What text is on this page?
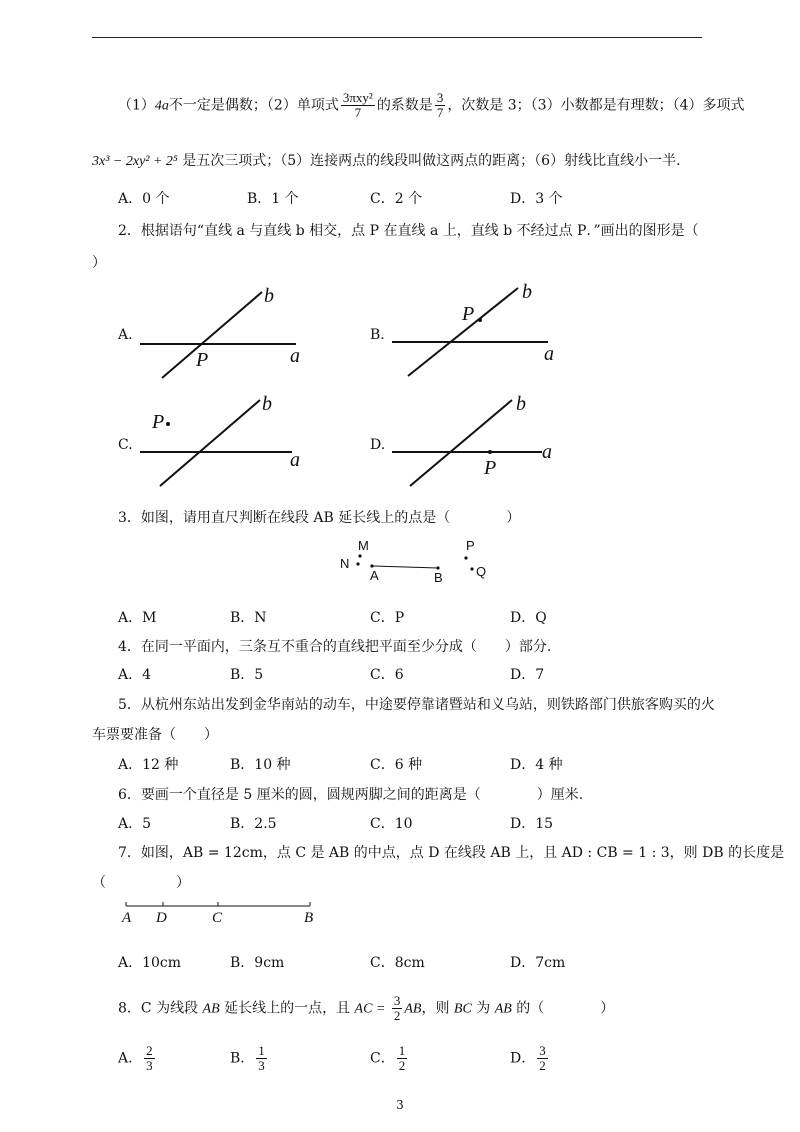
（1）4a不一定是偶数；（2）单项式 $\frac{\text{3πxy²}}{7}$ 的系数是 $\frac{3}{7}$ ，次数是 3；（3）小数都是有理数；（4）多项式
3x³ − 2xy² + 2⁵ 是五次三项式；（5）连接两点的线段叫做这两点的距离；（6）射线比直线小一半.
A．0 个	B．1 个	C．2 个	D．3 个
2．根据语句“直线 a 与直线 b 相交，点 P 在直线 a 上，直线 b 不经过点 P．”画出的图形是（
）
A.
b
a
P
B.
b
a
P
C.
b
a
P
D.
b
a
P
3．如图，请用直尺判断在线段 AB 延长线上的点是（　　　　）
M
N
A	B
P
Q
A．M	B．N	C．P	D．Q
4．在同一平面内，三条互不重合的直线把平面至少分成（　　）部分.
A．4	B．5	C．6	D．7
5．从杭州东站出发到金华南站的动车，中途要停靠诸暨站和义乌站，则铁路部门供旅客购买的火
车票要准备（　　）
A．12 种	B．10 种	C．6 种	D．4 种
6．要画一个直径是 5 厘米的圆，圆规两脚之间的距离是（　　　　）厘米.
A．5	B．2.5	C．10	D．15
7．如图，AB = 12cm，点 C 是 AB 的中点，点 D 在线段 AB 上，且 AD : CB = 1 : 3，则 DB 的长度是
（　　　　　）
A D	C	B
A．10cm	B．9cm	C．8cm	D．7cm
8．C 为线段 AB 延长线上的一点，且 AC = $\frac{3}{2}$ AB，则 BC 为 AB 的（　　　　）
A． $\frac{2}{3}$	B． $\frac{1}{3}$	C． $\frac{1}{2}$	D． $\frac{3}{2}$
3
